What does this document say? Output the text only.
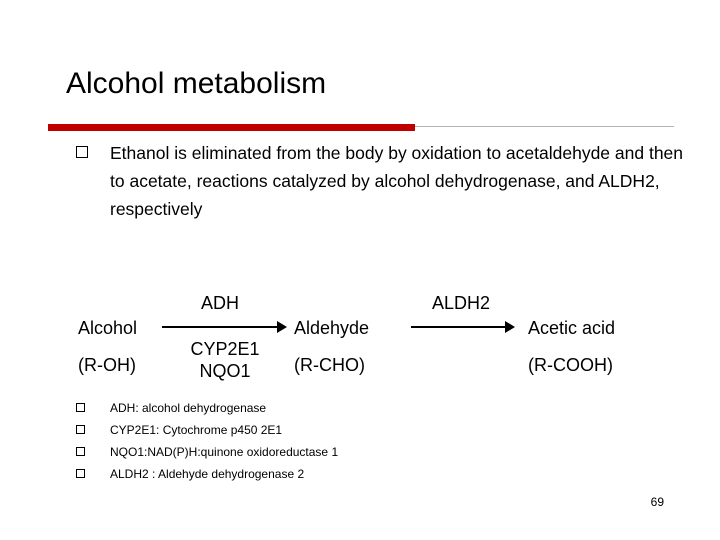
Alcohol metabolism
Ethanol is eliminated from the body by oxidation to acetaldehyde and then to acetate, reactions catalyzed by alcohol dehydrogenase, and ALDH2, respectively
Alcohol
(R-OH)
ADH
CYP2E1
NQO1
Aldehyde
(R-CHO)
ALDH2
Acetic acid
(R-COOH)
ADH: alcohol dehydrogenase
CYP2E1: Cytochrome p450 2E1
NQO1:NAD(P)H:quinone oxidoreductase 1
ALDH2 : Aldehyde dehydrogenase 2
69
